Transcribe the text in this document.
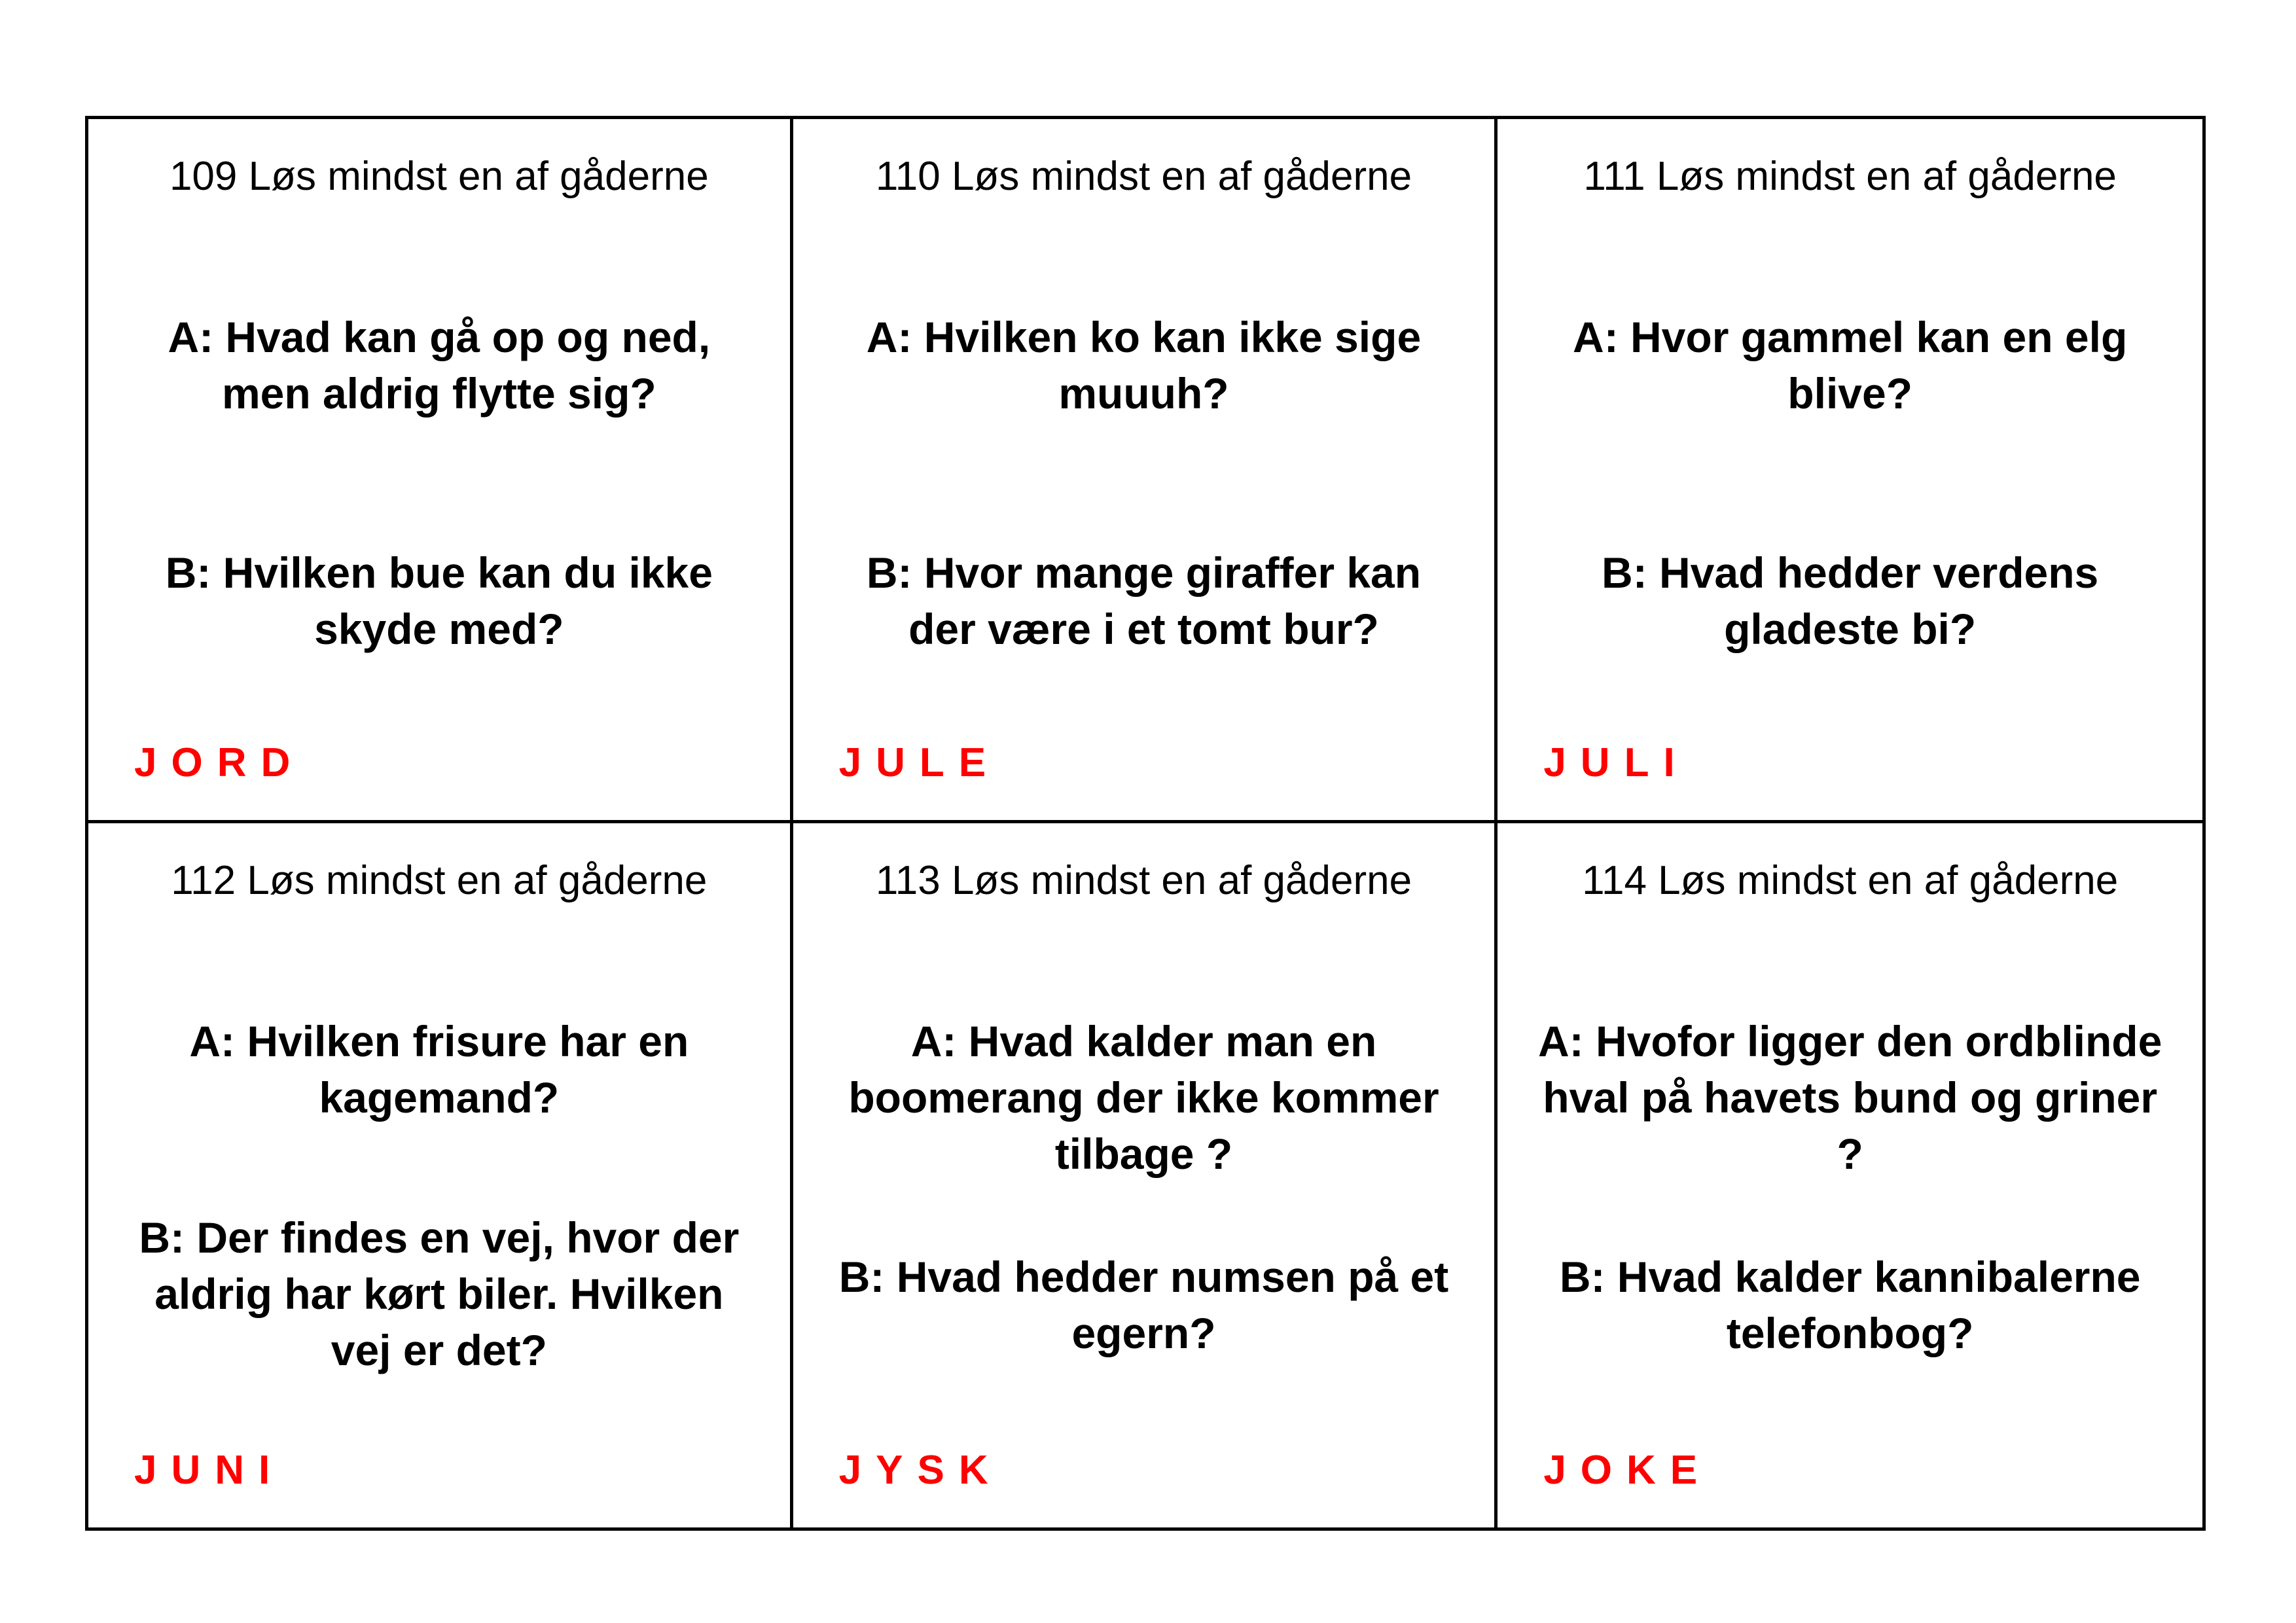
109 Løs mindst en af gåderne
A: Hvad kan gå op og ned, men aldrig flytte sig?
B: Hvilken bue kan du ikke skyde med?
JORD
110 Løs mindst en af gåderne
A: Hvilken ko kan ikke sige muuuh?
B: Hvor mange giraffer kan der være i et tomt bur?
JULE
111 Løs mindst en af gåderne
A: Hvor gammel kan en elg blive?
B: Hvad hedder verdens gladeste bi?
JULI
112 Løs mindst en af gåderne
A: Hvilken frisure har en kagemand?
B: Der findes en vej, hvor der aldrig har kørt biler. Hvilken vej er det?
JUNI
113 Løs mindst en af gåderne
A: Hvad kalder man en boomerang der ikke kommer tilbage ?
B: Hvad hedder numsen på et egern?
JYSK
114 Løs mindst en af gåderne
A: Hvofor ligger den ordblinde hval på havets bund og griner ?
B: Hvad kalder kannibalerne telefonbog?
JOKE
